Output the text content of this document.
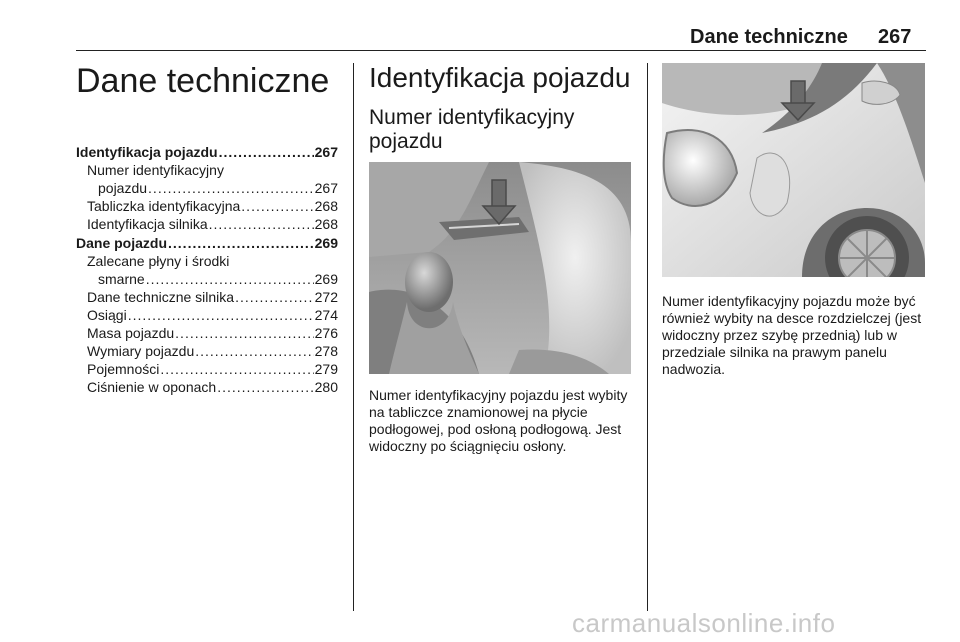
Dane techniczne 267
Dane techniczne
Identyfikacja pojazdu .....	267
Numer identyfikacyjny
pojazdu .....	267
Tabliczka identyfikacyjna .....	268
Identyfikacja silnika .....	268
Dane pojazdu .....	269
Zalecane płyny i środki
smarne .....	269
Dane techniczne silnika .....	272
Osiągi .....	274
Masa pojazdu .....	276
Wymiary pojazdu .....	278
Pojemności .....	279
Ciśnienie w oponach .....	280
Identyfikacja pojazdu
Numer identyfikacyjny pojazdu
Numer identyfikacyjny pojazdu jest wybity na tabliczce znamionowej na płycie podłogowej, pod osłoną podłogową. Jest widoczny po ściągnięciu osłony.
Numer identyfikacyjny pojazdu może być również wybity na desce rozdzielczej (jest widoczny przez szybę przednią) lub w przedziale silnika na prawym panelu nadwozia.
carmanualsonline.info
